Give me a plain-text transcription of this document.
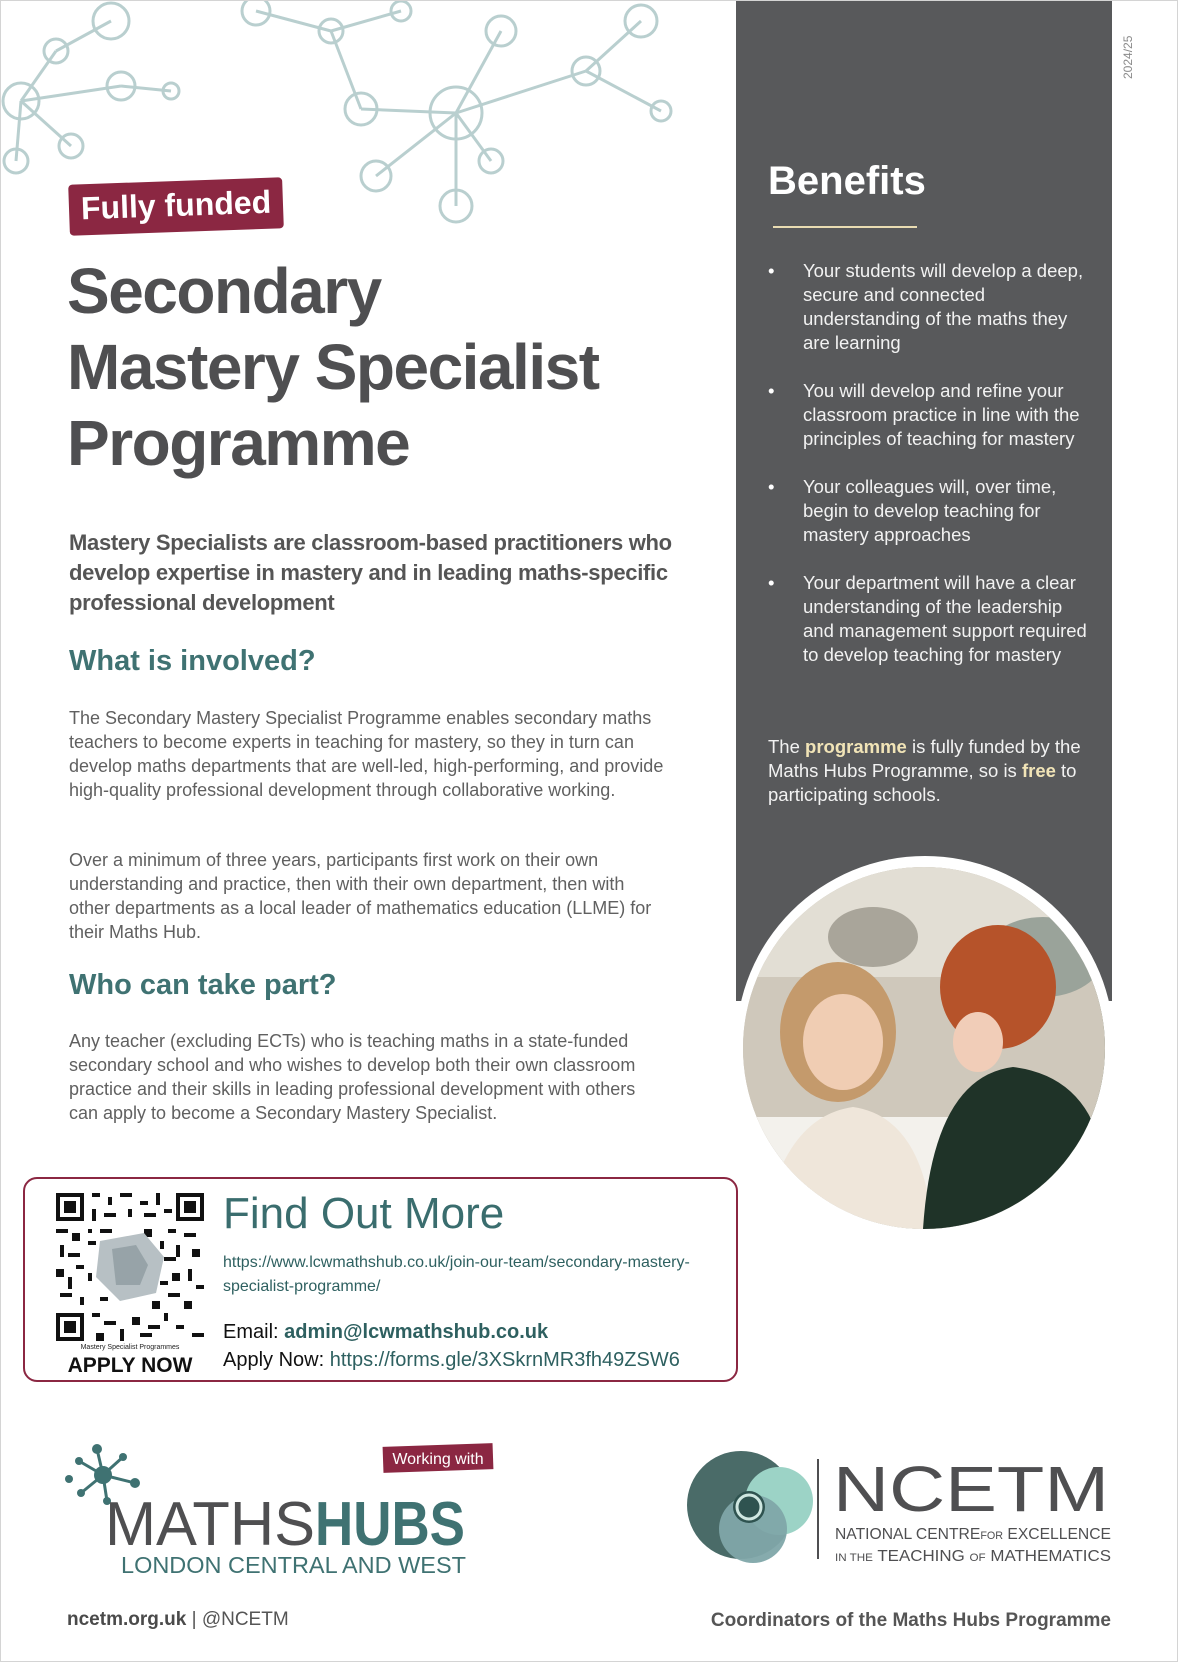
2024/25
Fully funded
Secondary
Mastery Specialist
Programme

Mastery Specialists are classroom-based practitioners who develop expertise in mastery and in leading maths-specific professional development

What is involved?

The Secondary Mastery Specialist Programme enables secondary maths teachers to become experts in teaching for mastery, so they in turn can develop maths departments that are well-led, high-performing, and provide high-quality professional development through collaborative working.

Over a minimum of three years, participants first work on their own understanding and practice, then with their own department, then with other departments as a local leader of mathematics education (LLME) for their Maths Hub.

Who can take part?

Any teacher (excluding ECTs) who is teaching maths in a state-funded secondary school and who wishes to develop both their own classroom practice and their skills in leading professional development with others can apply to become a Secondary Mastery Specialist.

Benefits
• Your students will develop a deep, secure and connected understanding of the maths they are learning
• You will develop and refine your classroom practice in line with the principles of teaching for mastery
• Your colleagues will, over time, begin to develop teaching for mastery approaches
• Your department will have a clear understanding of the leadership and management support required to develop teaching for mastery

The programme is fully funded by the Maths Hubs Programme, so is free to participating schools.

Mastery Specialist Programmes
APPLY NOW
Find Out More
https://www.lcwmathshub.co.uk/join-our-team/secondary-mastery-specialist-programme/
Email: admin@lcwmathshub.co.uk
Apply Now: https://forms.gle/3XSkrnMR3fh49ZSW6
Working with
MATHS HUBS
LONDON CENTRAL AND WEST
NCETM
NATIONAL CENTREFOR EXCELLENCE
IN THE TEACHING OF MATHEMATICS
ncetm.org.uk | @NCETM	Coordinators of the Maths Hubs Programme
